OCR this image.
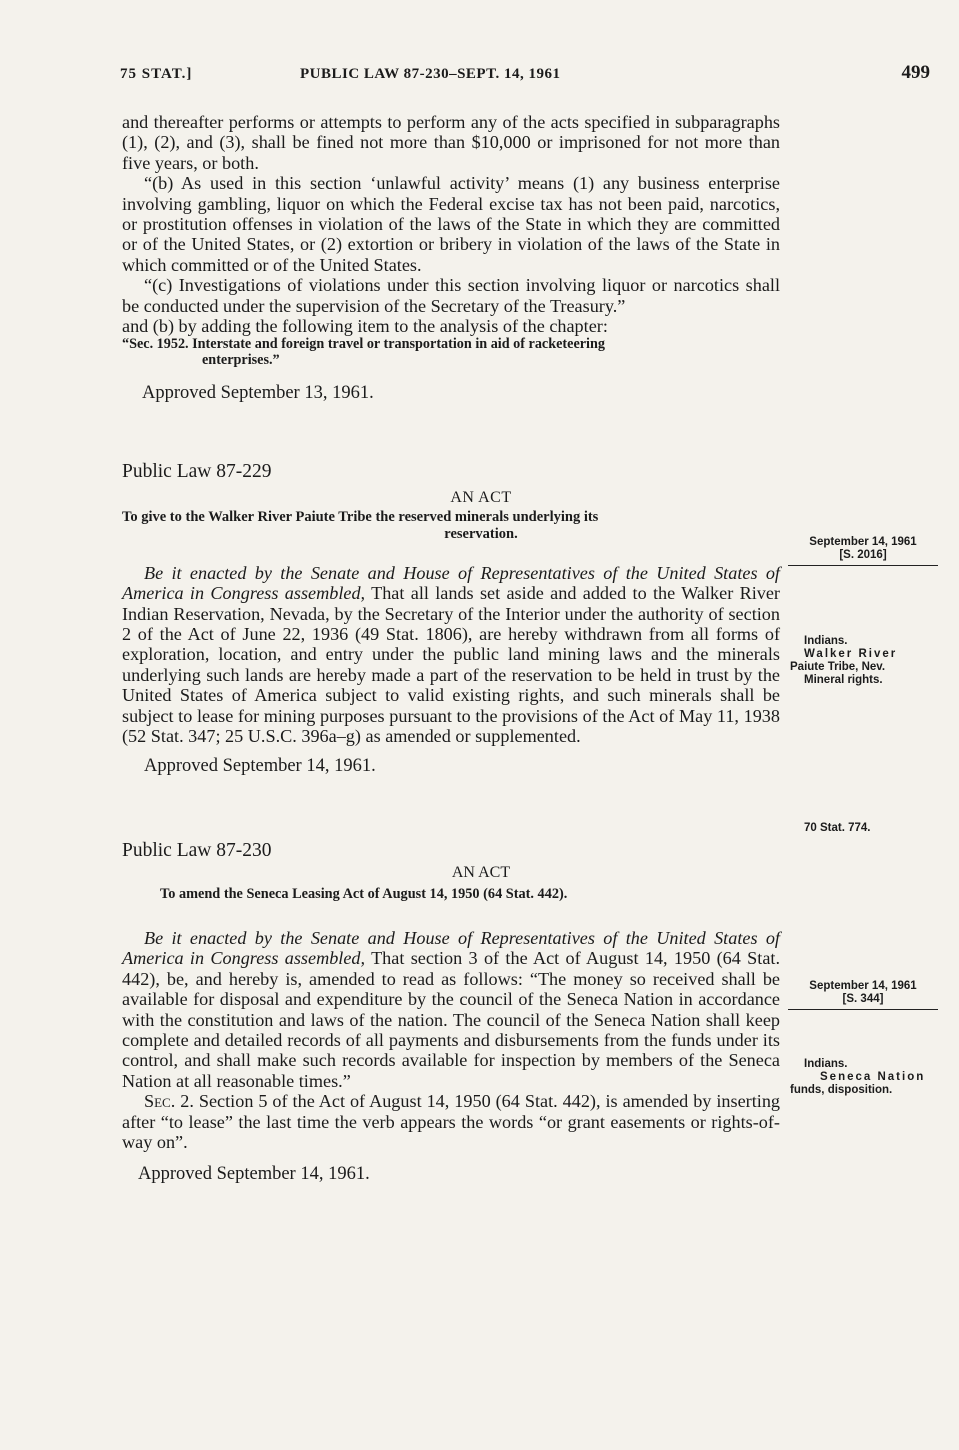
75 STAT.]	PUBLIC LAW 87-230–SEPT. 14, 1961	499

and thereafter performs or attempts to perform any of the acts specified in subparagraphs (1), (2), and (3), shall be fined not more than $10,000 or imprisoned for not more than five years, or both.

“(b) As used in this section ‘unlawful activity’ means (1) any business enterprise involving gambling, liquor on which the Federal excise tax has not been paid, narcotics, or prostitution offenses in violation of the laws of the State in which they are committed or of the United States, or (2) extortion or bribery in violation of the laws of the State in which committed or of the United States.

“(c) Investigations of violations under this section involving liquor or narcotics shall be conducted under the supervision of the Secretary of the Treasury.”

and (b) by adding the following item to the analysis of the chapter:

“Sec. 1952. Interstate and foreign travel or transportation in aid of racketeering
enterprises.”

Approved September 13, 1961.

Public Law 87-229

AN ACT

To give to the Walker River Paiute Tribe the reserved minerals underlying its
reservation.

Be it enacted by the Senate and House of Representatives of the United States of America in Congress assembled, That all lands set aside and added to the Walker River Indian Reservation, Nevada, by the Secretary of the Interior under the authority of section 2 of the Act of June 22, 1936 (49 Stat. 1806), are hereby withdrawn from all forms of exploration, location, and entry under the public land mining laws and the minerals underlying such lands are hereby made a part of the reservation to be held in trust by the United States of America subject to valid existing rights, and such minerals shall be subject to lease for mining purposes pursuant to the provisions of the Act of May 11, 1938 (52 Stat. 347; 25 U.S.C. 396a–g) as amended or supplemented.

Approved September 14, 1961.

Public Law 87-230

AN ACT

To amend the Seneca Leasing Act of August 14, 1950 (64 Stat. 442).

Be it enacted by the Senate and House of Representatives of the United States of America in Congress assembled, That section 3 of the Act of August 14, 1950 (64 Stat. 442), be, and hereby is, amended to read as follows: “The money so received shall be available for disposal and expenditure by the council of the Seneca Nation in accordance with the constitution and laws of the nation. The council of the Seneca Nation shall keep complete and detailed records of all payments and disbursements from the funds under its control, and shall make such records available for inspection by members of the Seneca Nation at all reasonable times.”

Sec. 2. Section 5 of the Act of August 14, 1950 (64 Stat. 442), is amended by inserting after “to lease” the last time the verb appears the words “or grant easements or rights-of-way on”.

Approved September 14, 1961.

September 14, 1961
[S. 2016]
Indians.
Walker River
Paiute Tribe, Nev.
Mineral rights.
70 Stat. 774.
September 14, 1961
[S. 344]
Indians.
Seneca Nation
funds, disposition.
